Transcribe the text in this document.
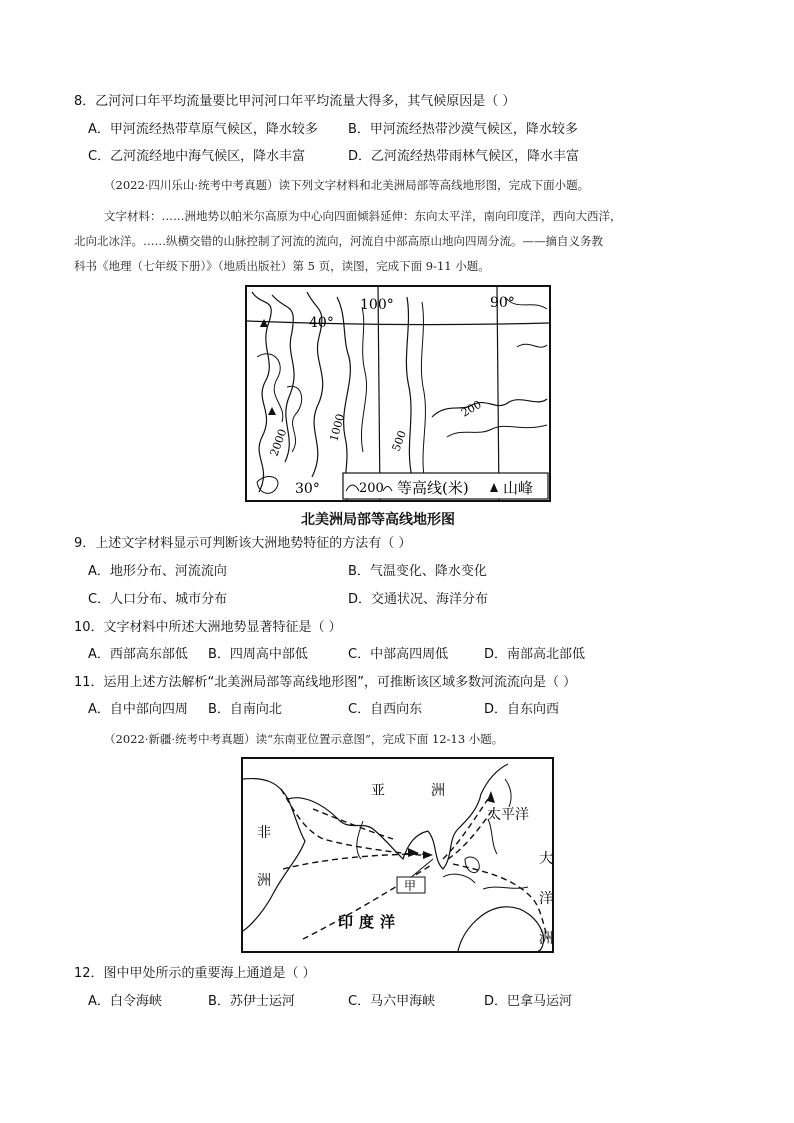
8．乙河河口年平均流量要比甲河河口年平均流量大得多，其气候原因是（ ）
A．甲河流经热带草原气候区，降水较多 B．甲河流经热带沙漠气候区，降水较多
C．乙河流经地中海气候区，降水丰富	D．乙河流经热带雨林气候区，降水丰富
（2022·四川乐山·统考中考真题）读下列文字材料和北美洲局部等高线地形图，完成下面小题。
文字材料：……洲地势以帕米尔高原为中心向四面倾斜延伸：东向太平洋，南向印度洋，西向大西洋，
北向北冰洋。……纵横交错的山脉控制了河流的流向，河流自中部高原山地向四周分流。——摘自义务教
科书《地理（七年级下册）》（地质出版社）第 5 页，读图，完成下面 9-11 小题。
40°
100°	90°
2000	1000	500
200
30°	200 等高线(米) 山峰
北美洲局部等高线地形图
9．上述文字材料显示可判断该大洲地势特征的方法有（ ）
A．地形分布、河流流向	B．气温变化、降水变化
C．人口分布、城市分布	D．交通状况、海洋分布
10．文字材料中所述大洲地势显著特征是（ ）
A．西部高东部低 B．四周高中部低	C．中部高四周低	D．南部高北部低
11．运用上述方法解析“北美洲局部等高线地形图”，可推断该区域多数河流流向是（ ）
A．自中部向四周 B．自南向北	C．自西向东	D．自东向西
（2022·新疆·统考中考真题）读“东南亚位置示意图”，完成下面 12-13 小题。
亚	洲
非
洲
太平洋
印度洋
大
洋
洲
甲
12．图中甲处所示的重要海上通道是（ ）
A．白令海峡	B．苏伊士运河	C．马六甲海峡	D．巴拿马运河
